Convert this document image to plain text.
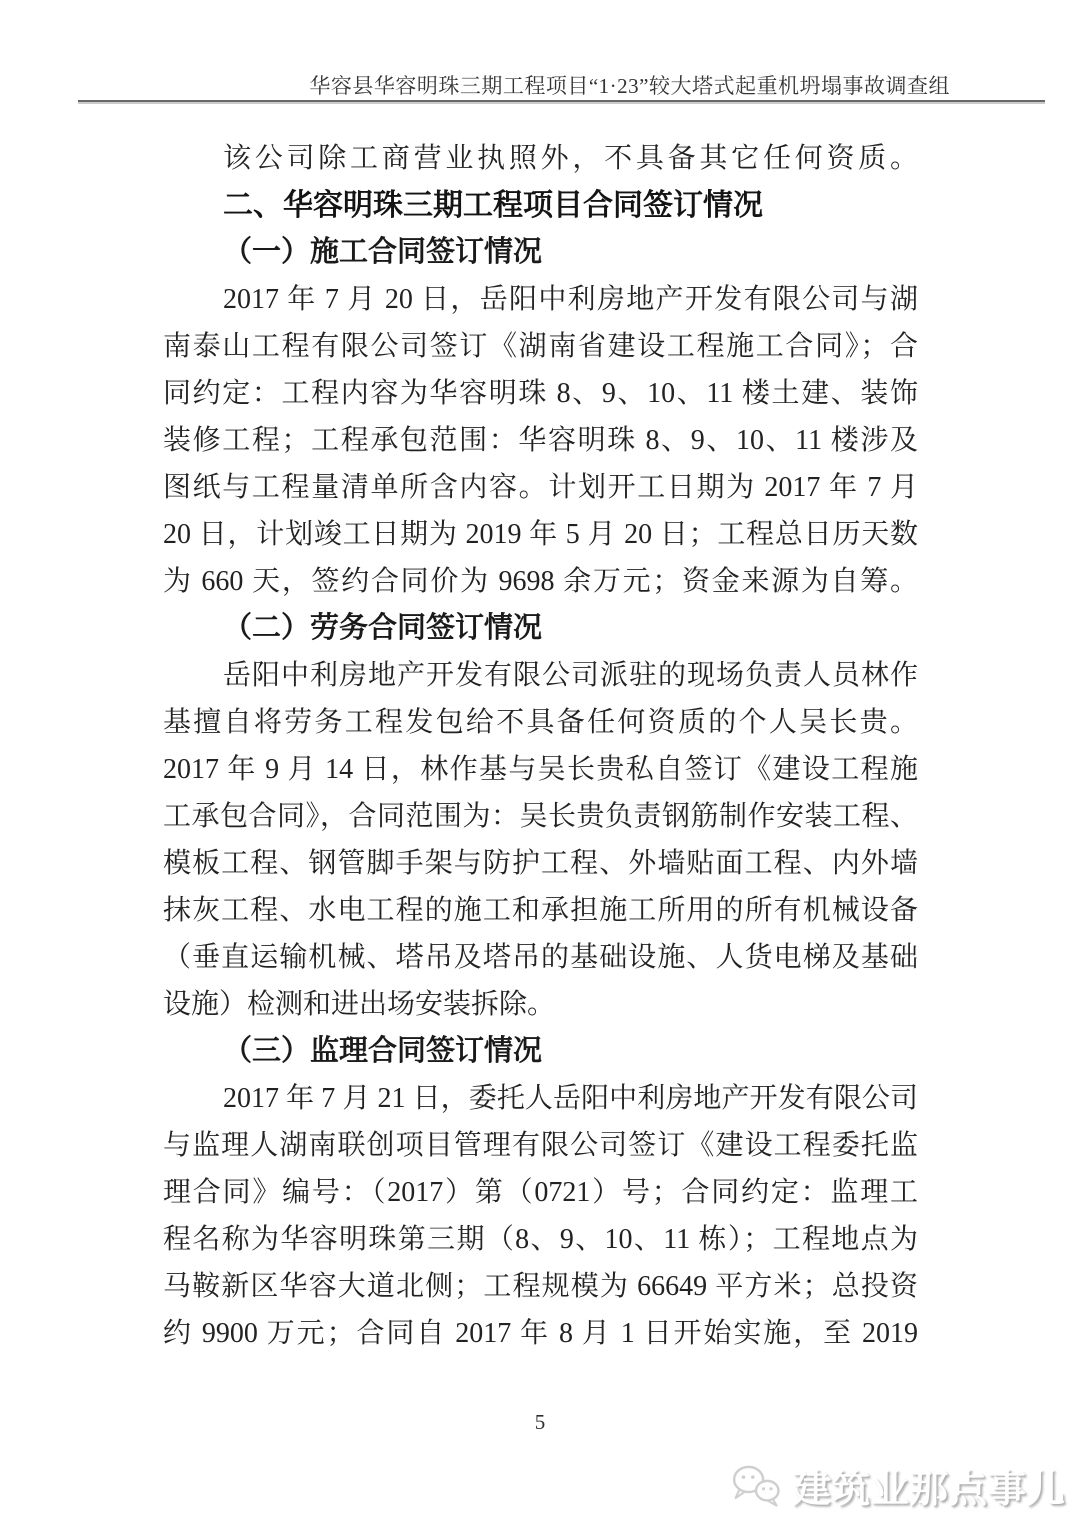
华容县华容明珠三期工程项目“1·23”较大塔式起重机坍塌事故调查组
该公司除工商营业执照外，不具备其它任何资质。
二、华容明珠三期工程项目合同签订情况
（一）施工合同签订情况
2017 年 7 月 20 日，岳阳中利房地产开发有限公司与湖
南泰山工程有限公司签订《湖南省建设工程施工合同》；合
同约定：工程内容为华容明珠 8、9、10、11 楼土建、装饰
装修工程；工程承包范围：华容明珠 8、9、10、11 楼涉及
图纸与工程量清单所含内容。计划开工日期为 2017 年 7 月
20 日，计划竣工日期为 2019 年 5 月 20 日；工程总日历天数
为 660 天，签约合同价为 9698 余万元；资金来源为自筹。
（二）劳务合同签订情况
岳阳中利房地产开发有限公司派驻的现场负责人员林作
基擅自将劳务工程发包给不具备任何资质的个人吴长贵。
2017 年 9 月 14 日，林作基与吴长贵私自签订《建设工程施
工承包合同》，合同范围为：吴长贵负责钢筋制作安装工程、
模板工程、钢管脚手架与防护工程、外墙贴面工程、内外墙
抹灰工程、水电工程的施工和承担施工所用的所有机械设备
（垂直运输机械、塔吊及塔吊的基础设施、人货电梯及基础
设施）检测和进出场安装拆除。
（三）监理合同签订情况
2017 年 7 月 21 日，委托人岳阳中利房地产开发有限公司
与监理人湖南联创项目管理有限公司签订《建设工程委托监
理合同》编号：（2017）第（0721）号；合同约定：监理工
程名称为华容明珠第三期（8、9、10、11 栋）；工程地点为
马鞍新区华容大道北侧；工程规模为 66649 平方米；总投资
约 9900 万元；合同自 2017 年 8 月 1 日开始实施，至 2019
5
建筑业那点事儿
